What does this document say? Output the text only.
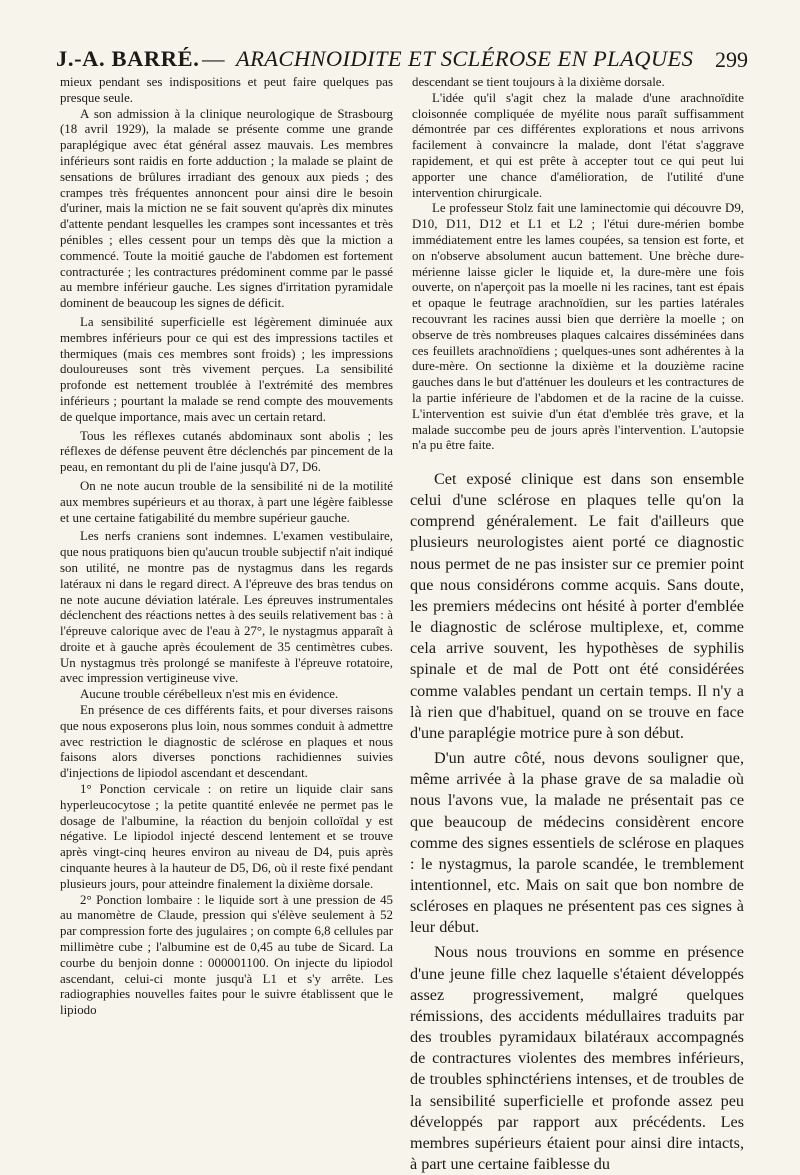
J.-A. BARRÉ. — ARACHNOIDITE ET SCLÉROSE EN PLAQUES 299

mieux pendant ses indispositions et peut faire quelques pas presque seule.

A son admission à la clinique neurologique de Strasbourg (18 avril 1929), la malade se présente comme une grande paraplégique avec état général assez mauvais. Les membres inférieurs sont raidis en forte adduction ; la malade se plaint de sensations de brûlures irradiant des genoux aux pieds ; des crampes très fréquentes annoncent pour ainsi dire le besoin d'uriner, mais la miction ne se fait souvent qu'après dix minutes d'attente pendant lesquelles les crampes sont incessantes et très pénibles ; elles cessent pour un temps dès que la miction a commencé. Toute la moitié gauche de l'abdomen est fortement contracturée ; les contractures prédominent comme par le passé au membre inférieur gauche. Les signes d'irritation pyramidale dominent de beaucoup les signes de déficit.

La sensibilité superficielle est légèrement diminuée aux membres inférieurs pour ce qui est des impressions tactiles et thermiques (mais ces membres sont froids) ; les impressions douloureuses sont très vivement perçues. La sensibilité profonde est nettement troublée à l'extrémité des membres inférieurs ; pourtant la malade se rend compte des mouvements de quelque importance, mais avec un certain retard.

Tous les réflexes cutanés abdominaux sont abolis ; les réflexes de défense peuvent être déclenchés par pincement de la peau, en remontant du pli de l'aine jusqu'à D7, D6.

On ne note aucun trouble de la sensibilité ni de la motilité aux membres supérieurs et au thorax, à part une légère faiblesse et une certaine fatigabilité du membre supérieur gauche.

Les nerfs craniens sont indemnes. L'examen vestibulaire, que nous pratiquons bien qu'aucun trouble subjectif n'ait indiqué son utilité, ne montre pas de nystagmus dans les regards latéraux ni dans le regard direct. A l'épreuve des bras tendus on ne note aucune déviation latérale. Les épreuves instrumentales déclenchent des réactions nettes à des seuils relativement bas : à l'épreuve calorique avec de l'eau à 27°, le nystagmus apparaît à droite et à gauche après écoulement de 35 centimètres cubes. Un nystagmus très prolongé se manifeste à l'épreuve rotatoire, avec impression vertigineuse vive.

Aucune trouble cérébelleux n'est mis en évidence.

En présence de ces différents faits, et pour diverses raisons que nous exposerons plus loin, nous sommes conduit à admettre avec restriction le diagnostic de sclérose en plaques et nous faisons alors diverses ponctions rachidiennes suivies d'injections de lipiodol ascendant et descendant.

1° Ponction cervicale : on retire un liquide clair sans hyperleucocytose ; la petite quantité enlevée ne permet pas le dosage de l'albumine, la réaction du benjoin colloïdal y est négative. Le lipiodol injecté descend lentement et se trouve après vingt-cinq heures environ au niveau de D4, puis après cinquante heures à la hauteur de D5, D6, où il reste fixé pendant plusieurs jours, pour atteindre finalement la dixième dorsale.

2° Ponction lombaire : le liquide sort à une pression de 45 au manomètre de Claude, pression qui s'élève seulement à 52 par compression forte des jugulaires ; on compte 6,8 cellules par millimètre cube ; l'albumine est de 0,45 au tube de Sicard. La courbe du benjoin donne : 000001100. On injecte du lipiodol ascendant, celui-ci monte jusqu'à L1 et s'y arrête. Les radiographies nouvelles faites pour le suivre établissent que le lipiodo

descendant se tient toujours à la dixième dorsale.

L'idée qu'il s'agit chez la malade d'une arachnoïdite cloisonnée compliquée de myélite nous paraît suffisamment démontrée par ces différentes explorations et nous arrivons facilement à convaincre la malade, dont l'état s'aggrave rapidement, et qui est prête à accepter tout ce qui peut lui apporter une chance d'amélioration, de l'utilité d'une intervention chirurgicale.

Le professeur Stolz fait une laminectomie qui découvre D9, D10, D11, D12 et L1 et L2 ; l'étui dure-mérien bombe immédiatement entre les lames coupées, sa tension est forte, et on n'observe absolument aucun battement. Une brèche dure-mérienne laisse gicler le liquide et, la dure-mère une fois ouverte, on n'aperçoit pas la moelle ni les racines, tant est épais et opaque le feutrage arachnoïdien, sur les parties latérales recouvrant les racines aussi bien que derrière la moelle ; on observe de très nombreuses plaques calcaires disséminées dans ces feuillets arachnoïdiens ; quelques-unes sont adhérentes à la dure-mère. On sectionne la dixième et la douzième racine gauches dans le but d'atténuer les douleurs et les contractures de la partie inférieure de l'abdomen et de la racine de la cuisse. L'intervention est suivie d'un état d'emblée très grave, et la malade succombe peu de jours après l'intervention. L'autopsie n'a pu être faite.

Cet exposé clinique est dans son ensemble celui d'une sclérose en plaques telle qu'on la comprend généralement. Le fait d'ailleurs que plusieurs neurologistes aient porté ce diagnostic nous permet de ne pas insister sur ce premier point que nous considérons comme acquis. Sans doute, les premiers médecins ont hésité à porter d'emblée le diagnostic de sclérose multiplexe, et, comme cela arrive souvent, les hypothèses de syphilis spinale et de mal de Pott ont été considérées comme valables pendant un certain temps. Il n'y a là rien que d'habituel, quand on se trouve en face d'une paraplégie motrice pure à son début.

D'un autre côté, nous devons souligner que, même arrivée à la phase grave de sa maladie où nous l'avons vue, la malade ne présentait pas ce que beaucoup de médecins considèrent encore comme des signes essentiels de sclérose en plaques : le nystagmus, la parole scandée, le tremblement intentionnel, etc. Mais on sait que bon nombre de scléroses en plaques ne présentent pas ces signes à leur début.

Nous nous trouvions en somme en présence d'une jeune fille chez laquelle s'étaient développés assez progressivement, malgré quelques rémissions, des accidents médullaires traduits par des troubles pyramidaux bilatéraux accompagnés de contractures violentes des membres inférieurs, de troubles sphinctériens intenses, et de troubles de la sensibilité superficielle et profonde assez peu développés par rapport aux précédents. Les membres supérieurs étaient pour ainsi dire intacts, à part une certaine faiblesse du
